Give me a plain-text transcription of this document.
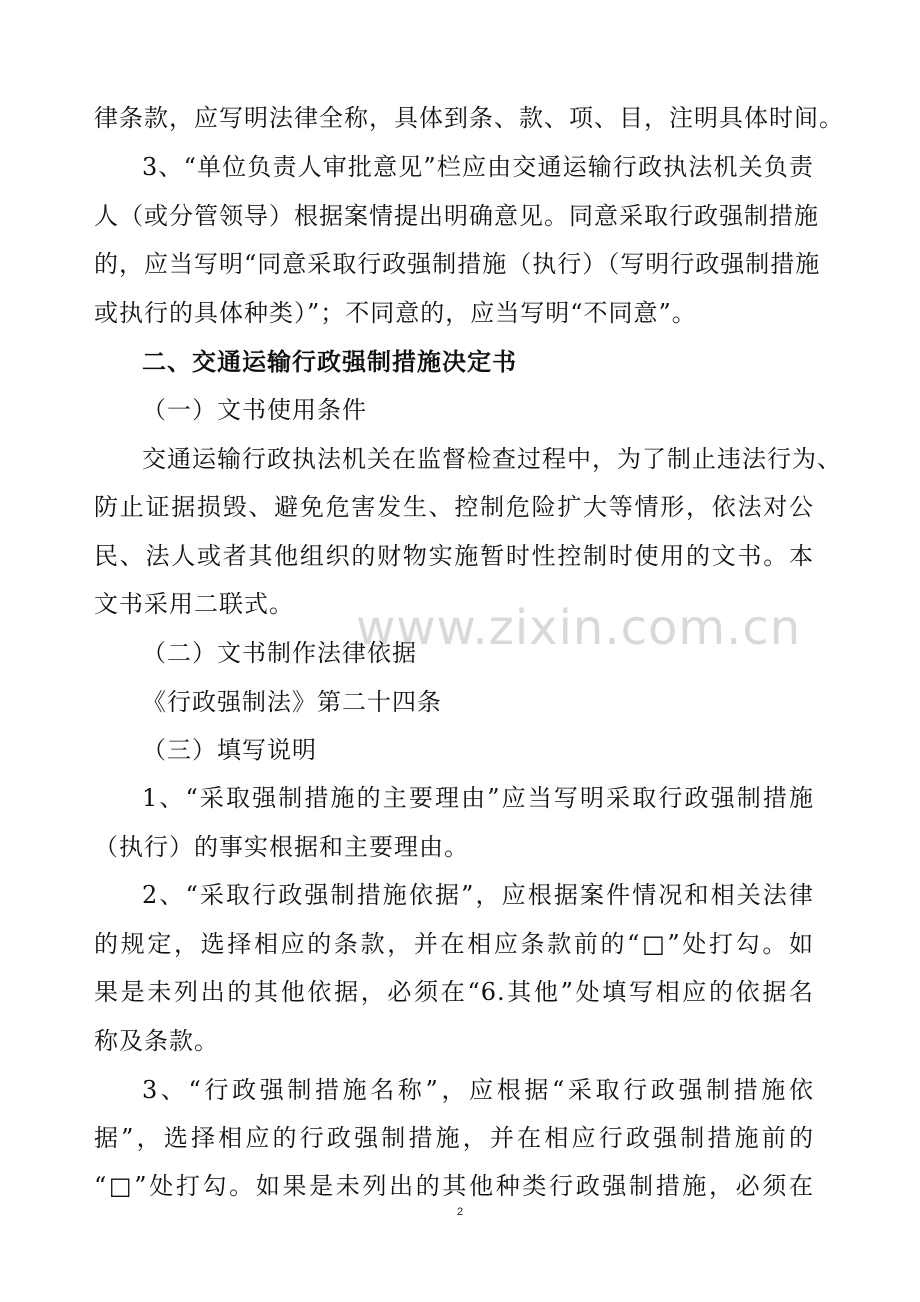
www.zixin.com.cn
律条款，应写明法律全称，具体到条、款、项、目，注明具体时间。
3、“单位负责人审批意见”栏应由交通运输行政执法机关负责
人（或分管领导）根据案情提出明确意见。同意采取行政强制措施
的，应当写明“同意采取行政强制措施（执行）（写明行政强制措施
或执行的具体种类）”；不同意的，应当写明“不同意”。
二、交通运输行政强制措施决定书
（一）文书使用条件
交通运输行政执法机关在监督检查过程中，为了制止违法行为、
防止证据损毁、避免危害发生、控制危险扩大等情形，依法对公
民、法人或者其他组织的财物实施暂时性控制时使用的文书。本
文书采用二联式。
（二）文书制作法律依据
《行政强制法》第二十四条
（三）填写说明
1、“采取强制措施的主要理由”应当写明采取行政强制措施
（执行）的事实根据和主要理由。
2、“采取行政强制措施依据”，应根据案件情况和相关法律
的规定，选择相应的条款，并在相应条款前的“□”处打勾。如
果是未列出的其他依据，必须在“6.其他”处填写相应的依据名
称及条款。
3、“行政强制措施名称”，应根据“采取行政强制措施依
据”，选择相应的行政强制措施，并在相应行政强制措施前的
“□”处打勾。如果是未列出的其他种类行政强制措施，必须在
2
